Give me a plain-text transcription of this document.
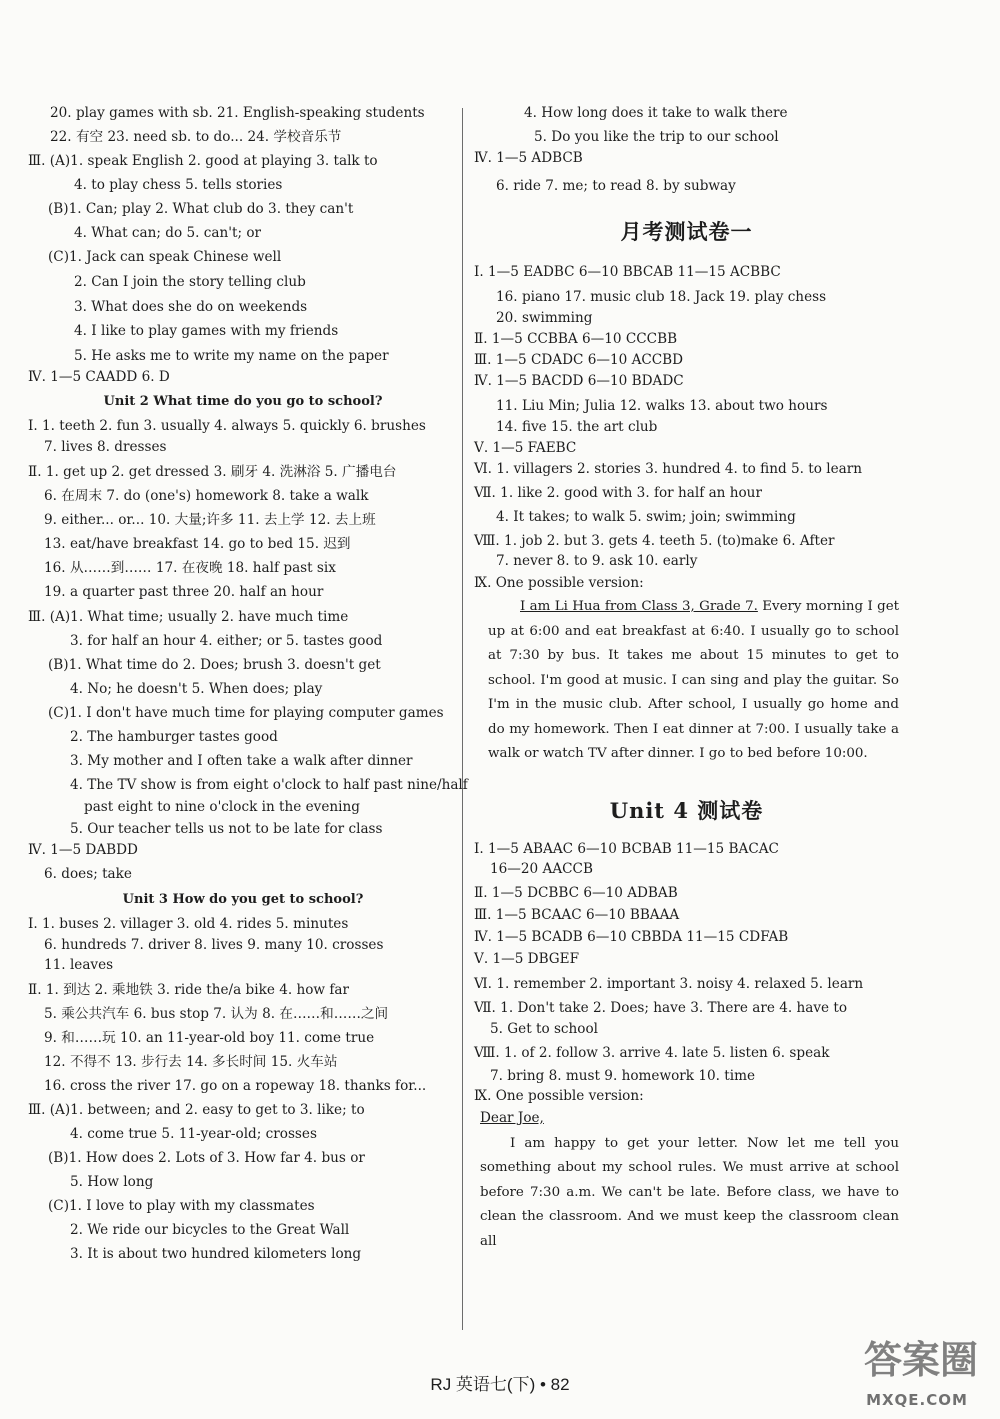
20. play games with sb. 21. English-speaking students
22. 有空 23. need sb. to do... 24. 学校音乐节
Ⅲ. (A)1. speak English 2. good at playing 3. talk to
4. to play chess 5. tells stories
(B)1. Can; play 2. What club do 3. they can't
4. What can; do 5. can't; or
(C)1. Jack can speak Chinese well
2. Can I join the story telling club
3. What does she do on weekends
4. I like to play games with my friends
5. He asks me to write my name on the paper
Ⅳ. 1—5 CAADD 6. D
Unit 2 What time do you go to school?
Ⅰ. 1. teeth 2. fun 3. usually 4. always 5. quickly 6. brushes
7. lives 8. dresses
Ⅱ. 1. get up 2. get dressed 3. 刷牙 4. 洗淋浴 5. 广播电台
6. 在周末 7. do (one's) homework 8. take a walk
9. either... or... 10. 大量;许多 11. 去上学 12. 去上班
13. eat/have breakfast 14. go to bed 15. 迟到
16. 从……到…… 17. 在夜晚 18. half past six
19. a quarter past three 20. half an hour
Ⅲ. (A)1. What time; usually 2. have much time
3. for half an hour 4. either; or 5. tastes good
(B)1. What time do 2. Does; brush 3. doesn't get
4. No; he doesn't 5. When does; play
(C)1. I don't have much time for playing computer games
2. The hamburger tastes good
3. My mother and I often take a walk after dinner
4. The TV show is from eight o'clock to half past nine/half
past eight to nine o'clock in the evening
5. Our teacher tells us not to be late for class
Ⅳ. 1—5 DABDD
6. does; take
Unit 3 How do you get to school?
Ⅰ. 1. buses 2. villager 3. old 4. rides 5. minutes
6. hundreds 7. driver 8. lives 9. many 10. crosses
11. leaves
Ⅱ. 1. 到达 2. 乘地铁 3. ride the/a bike 4. how far
5. 乘公共汽车 6. bus stop 7. 认为 8. 在……和……之间
9. 和……玩 10. an 11-year-old boy 11. come true
12. 不得不 13. 步行去 14. 多长时间 15. 火车站
16. cross the river 17. go on a ropeway 18. thanks for...
Ⅲ. (A)1. between; and 2. easy to get to 3. like; to
4. come true 5. 11-year-old; crosses
(B)1. How does 2. Lots of 3. How far 4. bus or
5. How long
(C)1. I love to play with my classmates
2. We ride our bicycles to the Great Wall
3. It is about two hundred kilometers long
4. How long does it take to walk there
5. Do you like the trip to our school
Ⅳ. 1—5 ADBCB
6. ride 7. me; to read 8. by subway
月考测试卷一
Ⅰ. 1—5 EADBC 6—10 BBCAB 11—15 ACBBC
16. piano 17. music club 18. Jack 19. play chess
20. swimming
Ⅱ. 1—5 CCBBA 6—10 CCCBB
Ⅲ. 1—5 CDADC 6—10 ACCBD
Ⅳ. 1—5 BACDD 6—10 BDADC
11. Liu Min; Julia 12. walks 13. about two hours
14. five 15. the art club
Ⅴ. 1—5 FAEBC
Ⅵ. 1. villagers 2. stories 3. hundred 4. to find 5. to learn
Ⅶ. 1. like 2. good with 3. for half an hour
4. It takes; to walk 5. swim; join; swimming
Ⅷ. 1. job 2. but 3. gets 4. teeth 5. (to)make 6. After
7. never 8. to 9. ask 10. early
Ⅸ. One possible version:
I am Li Hua from Class 3, Grade 7. Every morning I get up at 6:00 and eat breakfast at 6:40. I usually go to school at 7:30 by bus. It takes me about 15 minutes to get to school. I'm good at music. I can sing and play the guitar. So I'm in the music club. After school, I usually go home and do my homework. Then I eat dinner at 7:00. I usually take a walk or watch TV after dinner. I go to bed before 10:00.
Unit 4 测试卷
Ⅰ. 1—5 ABAAC 6—10 BCBAB 11—15 BACAC
16—20 AACCB
Ⅱ. 1—5 DCBBC 6—10 ADBAB
Ⅲ. 1—5 BCAAC 6—10 BBAAA
Ⅳ. 1—5 BCADB 6—10 CBBDA 11—15 CDFAB
Ⅴ. 1—5 DBGEF
Ⅵ. 1. remember 2. important 3. noisy 4. relaxed 5. learn
Ⅶ. 1. Don't take 2. Does; have 3. There are 4. have to
5. Get to school
Ⅷ. 1. of 2. follow 3. arrive 4. late 5. listen 6. speak
7. bring 8. must 9. homework 10. time
Ⅸ. One possible version:
Dear Joe,
I am happy to get your letter. Now let me tell you something about my school rules. We must arrive at school before 7:30 a.m. We can't be late. Before class, we have to clean the classroom. And we must keep the classroom clean all
RJ 英语七(下) • 82
答案圈
MXQE.COM
